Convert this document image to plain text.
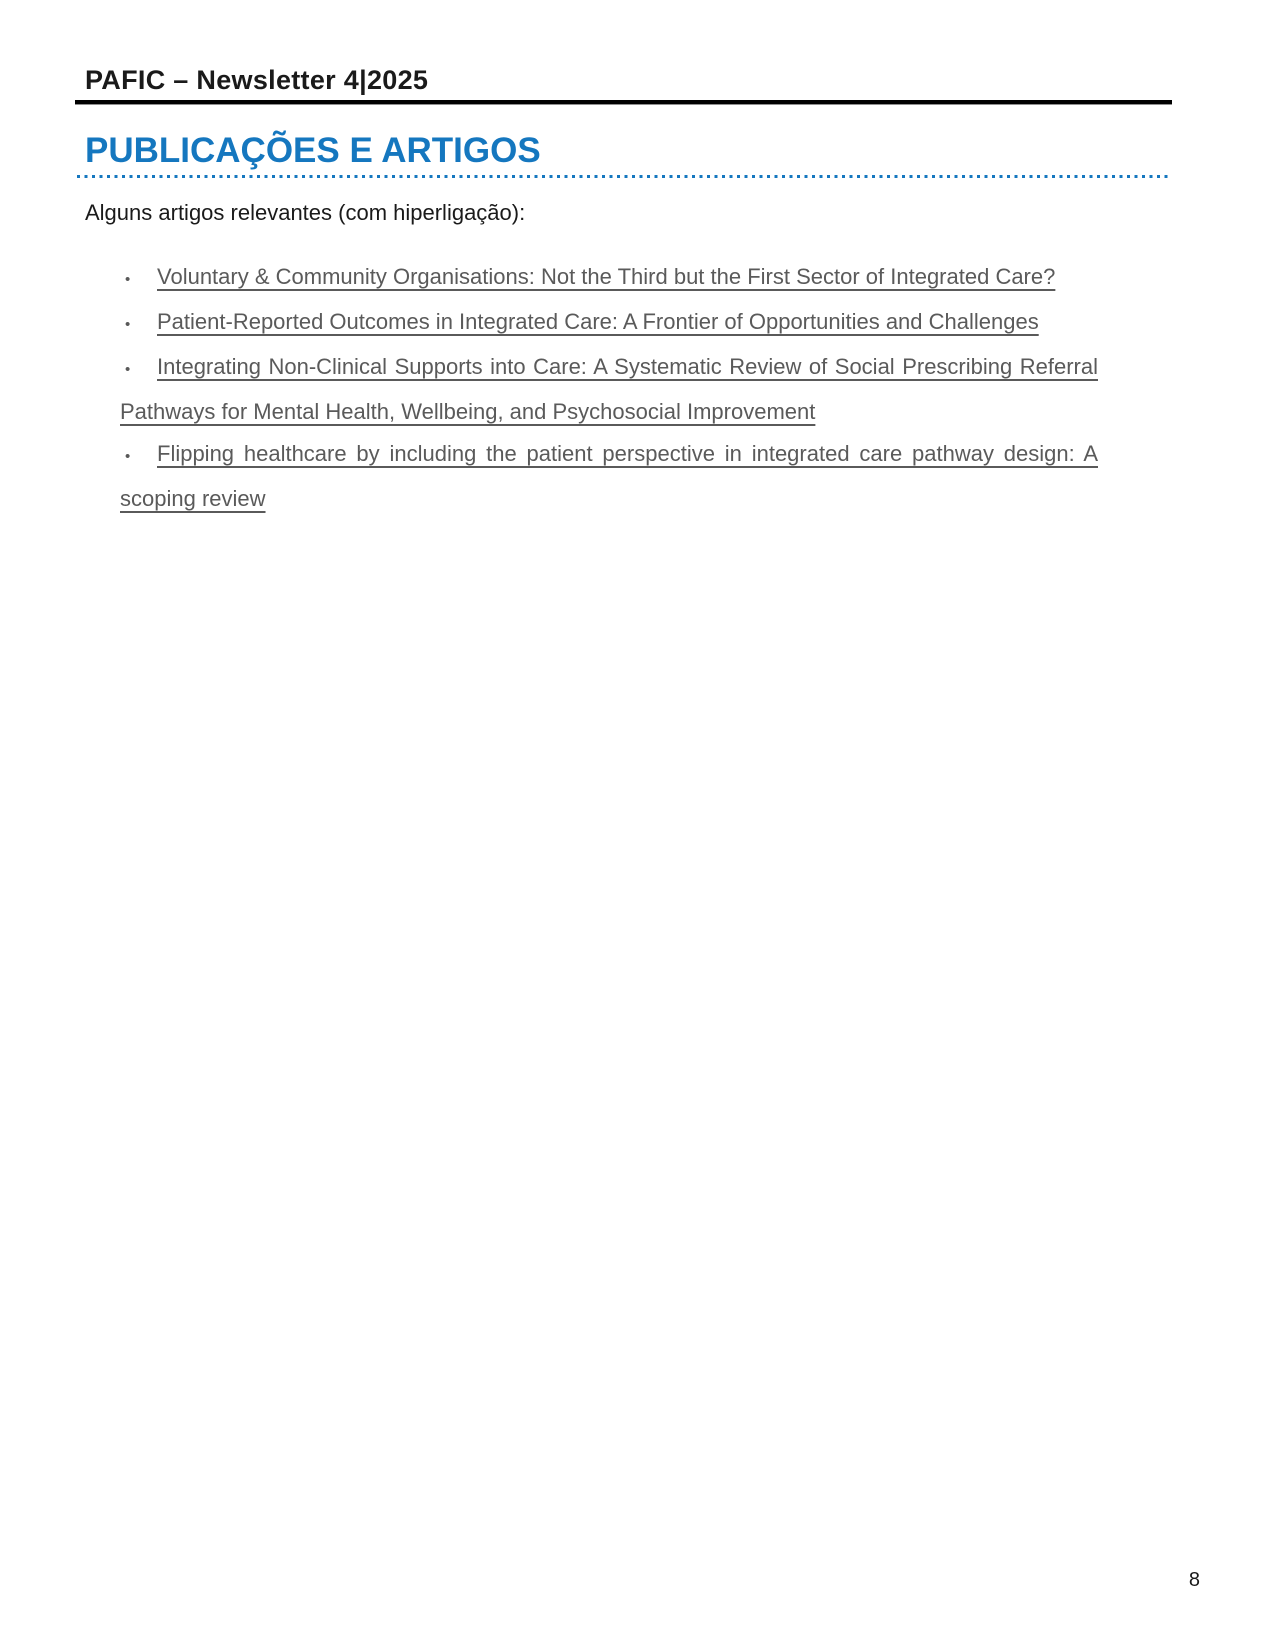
PAFIC – Newsletter 4|2025

PUBLICAÇÕES E ARTIGOS

Alguns artigos relevantes (com hiperligação):

• Voluntary & Community Organisations: Not the Third but the First Sector of Integrated Care?

• Patient-Reported Outcomes in Integrated Care: A Frontier of Opportunities and Challenges

• Integrating Non-Clinical Supports into Care: A Systematic Review of Social Prescribing Referral Pathways for Mental Health, Wellbeing, and Psychosocial Improvement

• Flipping healthcare by including the patient perspective in integrated care pathway design: A scoping review

8
